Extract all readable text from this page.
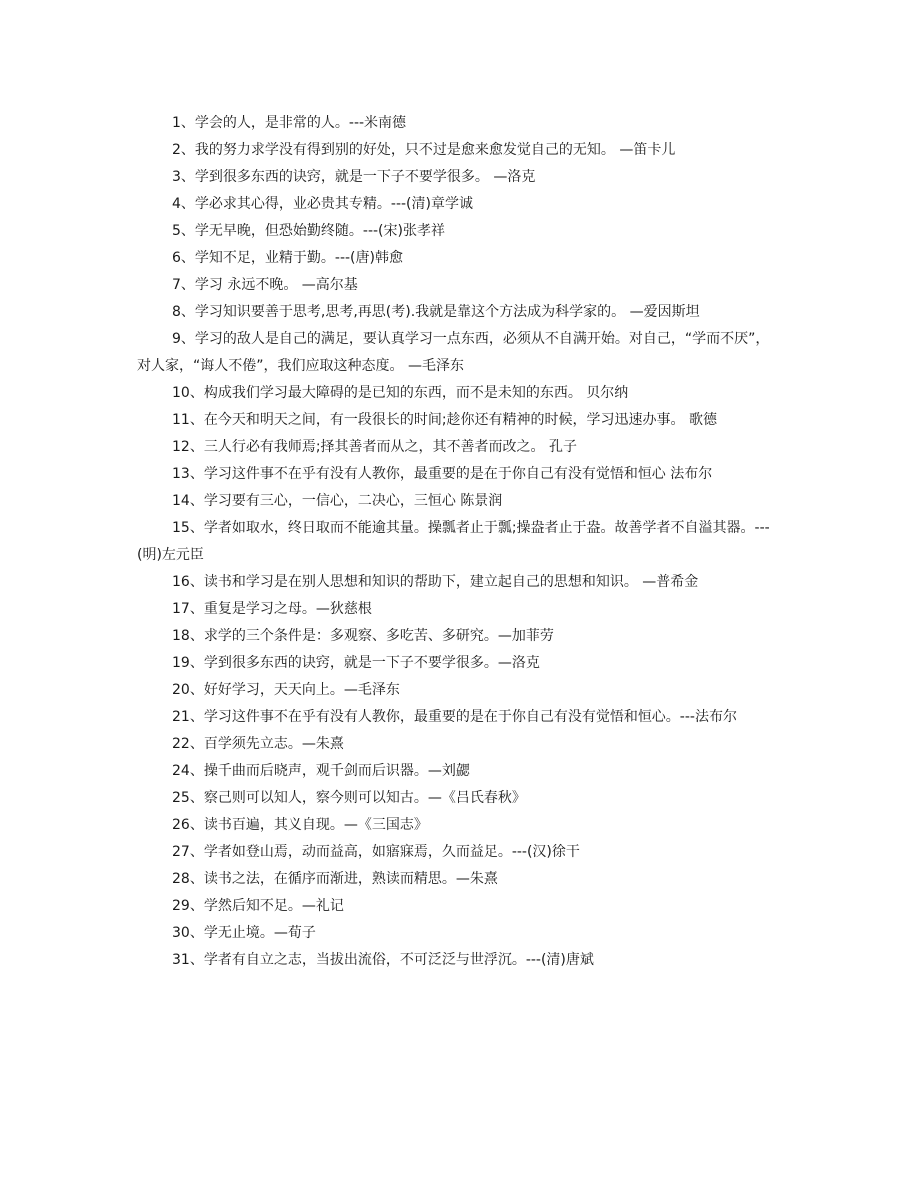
1、学会的人，是非常的人。---米南德

2、我的努力求学没有得到别的好处，只不过是愈来愈发觉自己的无知。 —笛卡儿

3、学到很多东西的诀窍，就是一下子不要学很多。 —洛克

4、学必求其心得，业必贵其专精。---(清)章学诚

5、学无早晚，但恐始勤终随。---(宋)张孝祥

6、学知不足，业精于勤。---(唐)韩愈

7、学习 永远不晚。 —高尔基

8、学习知识要善于思考,思考,再思(考).我就是靠这个方法成为科学家的。 —爱因斯坦

9、学习的敌人是自己的满足，要认真学习一点东西，必须从不自满开始。对自己，“学而不厌”，对人家，“诲人不倦”，我们应取这种态度。 —毛泽东

10、构成我们学习最大障碍的是已知的东西，而不是未知的东西。 贝尔纳

11、在今天和明天之间，有一段很长的时间;趁你还有精神的时候，学习迅速办事。 歌德

12、三人行必有我师焉;择其善者而从之，其不善者而改之。 孔子

13、学习这件事不在乎有没有人教你，最重要的是在于你自己有没有觉悟和恒心 法布尔

14、学习要有三心，一信心，二决心，三恒心 陈景润

15、学者如取水，终日取而不能逾其量。操瓢者止于瓢;操盎者止于盎。故善学者不自溢其器。---(明)左元臣

16、读书和学习是在别人思想和知识的帮助下，建立起自己的思想和知识。 —普希金

17、重复是学习之母。—狄慈根

18、求学的三个条件是：多观察、多吃苦、多研究。—加菲劳

19、学到很多东西的诀窍，就是一下子不要学很多。—洛克

20、好好学习，天天向上。—毛泽东

21、学习这件事不在乎有没有人教你，最重要的是在于你自己有没有觉悟和恒心。---法布尔

22、百学须先立志。—朱熹

24、操千曲而后晓声，观千剑而后识器。—刘勰

25、察己则可以知人，察今则可以知古。—《吕氏春秋》

26、读书百遍，其义自现。—《三国志》

27、学者如登山焉，动而益高，如寤寐焉，久而益足。---(汉)徐干

28、读书之法，在循序而渐进，熟读而精思。—朱熹

29、学然后知不足。—礼记

30、学无止境。—荀子

31、学者有自立之志，当拔出流俗，不可泛泛与世浮沉。---(清)唐斌
